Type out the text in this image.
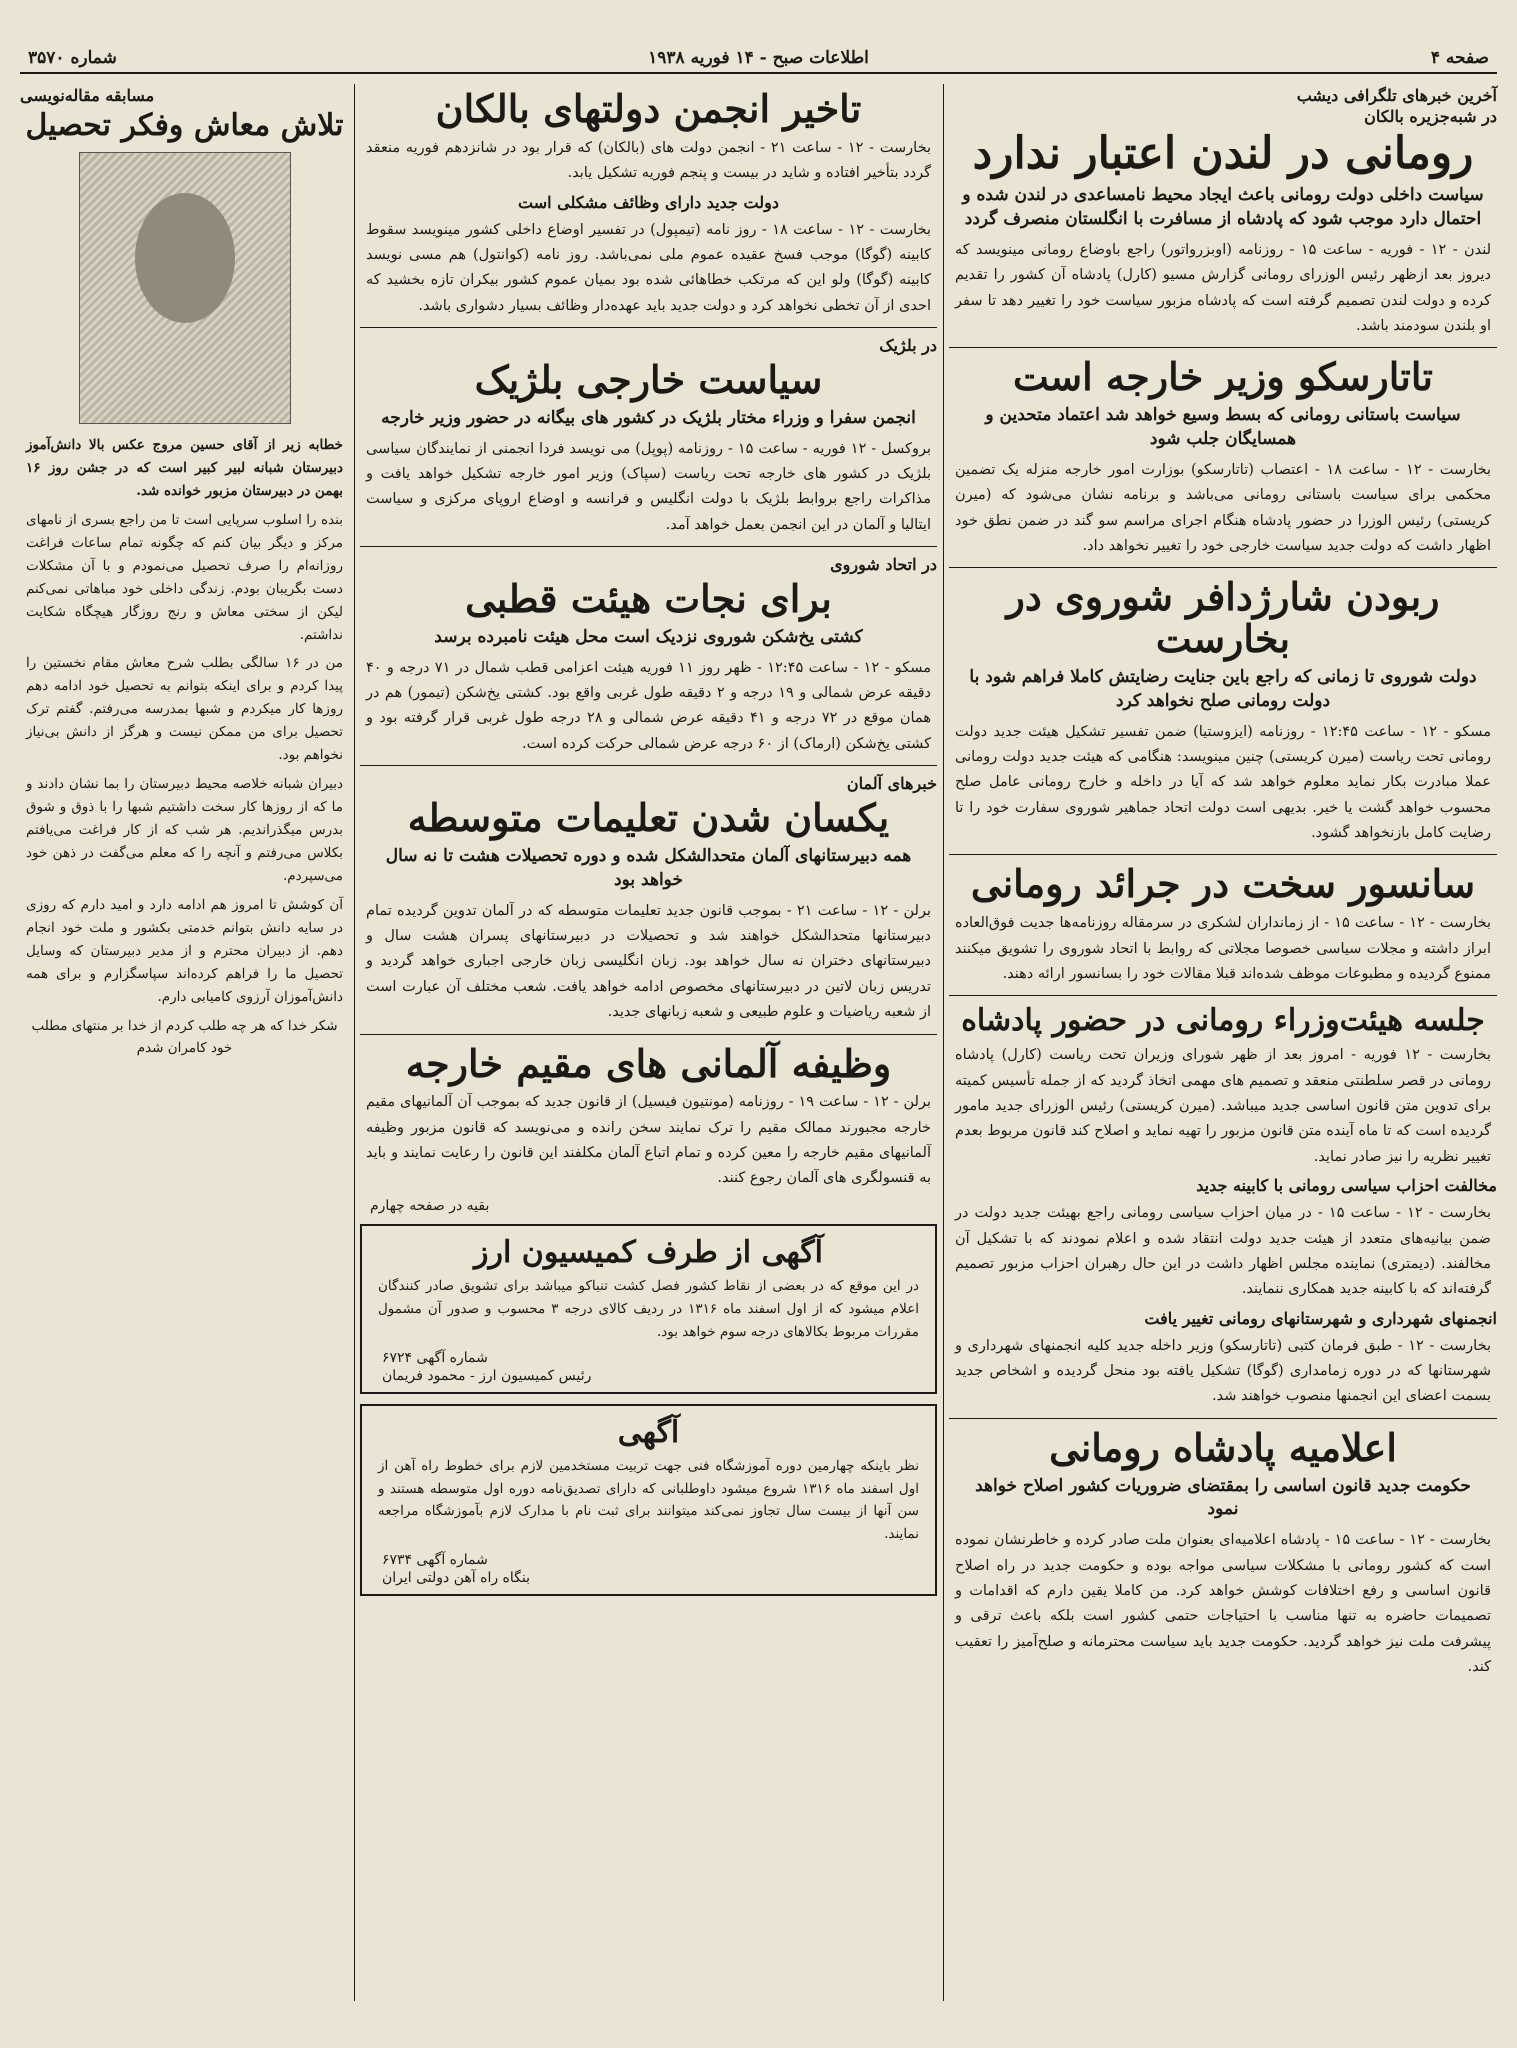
صفحه ۴
اطلاعات صبح - ۱۴ فوریه ۱۹۳۸
شماره ۳۵۷۰
آخرین خبرهای تلگرافی دیشب
در شبه‌جزیره بالکان
رومانی در لندن اعتبار ندارد
سیاست داخلی دولت رومانی باعث ایجاد محیط نامساعدی در لندن شده و احتمال دارد موجب شود که پادشاه از مسافرت با انگلستان منصرف گردد
لندن - ۱۲ - فوریه - ساعت ۱۵ - روزنامه (اوبزرواتور) راجع باوضاع رومانی مینویسد که دیروز بعد ازظهر رئیس الوزرای رومانی گزارش مسیو (کارل) پادشاه آن کشور را تقدیم کرده و دولت لندن تصمیم گرفته است که پادشاه مزبور سیاست خود را تغییر دهد تا سفر او بلندن سودمند باشد.
تاتارسکو وزیر خارجه است
سیاست باستانی رومانی که بسط وسیع خواهد شد اعتماد متحدین و همسایگان جلب شود
بخارست - ۱۲ - ساعت ۱۸ - اعتصاب (تاتارسکو) بوزارت امور خارجه منزله یک تضمین محکمی برای سیاست باستانی رومانی می‌باشد و برنامه نشان می‌شود که (میرن کریستی) رئیس الوزرا در حضور پادشاه هنگام اجرای مراسم سو گند در ضمن نطق خود اظهار داشت که دولت جدید سیاست خارجی خود را تغییر نخواهد داد.
ربودن شارژدافر شوروی در بخارست
دولت شوروی تا زمانی که راجع باین جنایت رضایتش کاملا فراهم شود با دولت رومانی صلح نخواهد کرد
مسکو - ۱۲ - ساعت ۱۲:۴۵ - روزنامه (ایزوستیا) ضمن تفسیر تشکیل هیئت جدید دولت رومانی تحت ریاست (میرن کریستی) چنین مینویسد: هنگامی که هیئت جدید دولت رومانی عملا مبادرت بکار نماید معلوم خواهد شد که آیا در داخله و خارج رومانی عامل صلح محسوب خواهد گشت یا خیر. بدیهی است دولت اتحاد جماهیر شوروی سفارت خود را تا رضایت کامل بازنخواهد گشود.
سانسور سخت در جرائد رومانی
بخارست - ۱۲ - ساعت ۱۵ - از زمانداران لشکری در سرمقاله روزنامه‌ها جدیت فوق‌العاده ابراز داشته و مجلات سیاسی خصوصا مجلاتی که روابط با اتحاد شوروی را تشویق میکنند ممنوع گردیده و مطبوعات موظف شده‌اند قبلا مقالات خود را بسانسور ارائه دهند.
جلسه هیئت‌وزراء رومانی در حضور پادشاه
بخارست - ۱۲ فوریه - امروز بعد از ظهر شورای وزیران تحت ریاست (کارل) پادشاه رومانی در قصر سلطنتی منعقد و تصمیم های مهمی اتخاذ گردید که از جمله تأسیس کمیته برای تدوین متن قانون اساسی جدید میباشد. (میرن کریستی) رئیس الوزرای جدید مامور گردیده است که تا ماه آینده متن قانون مزبور را تهیه نماید و اصلاح کند قانون مربوط بعدم تغییر نظریه را نیز صادر نماید.
مخالفت احزاب سیاسی رومانی با کابینه جدید
بخارست - ۱۲ - ساعت ۱۵ - در میان احزاب سیاسی رومانی راجع بهیئت جدید دولت در ضمن بیانیه‌های متعدد از هیئت جدید دولت انتقاد شده و اعلام نمودند که با تشکیل آن مخالفند. (دیمتری) نماینده مجلس اظهار داشت در این حال رهبران احزاب مزبور تصمیم گرفته‌اند که با کابینه جدید همکاری ننمایند.
انجمنهای شهرداری و شهرستانهای رومانی تغییر یافت
بخارست - ۱۲ - طبق فرمان کتبی (تاتارسکو) وزیر داخله جدید کلیه انجمنهای شهرداری و شهرستانها که در دوره زمامداری (گوگا) تشکیل یافته بود منحل گردیده و اشخاص جدید بسمت اعضای این انجمنها منصوب خواهند شد.
اعلامیه پادشاه رومانی
حکومت جدید قانون اساسی را بمقتضای ضروریات کشور اصلاح خواهد نمود
بخارست - ۱۲ - ساعت ۱۵ - پادشاه اعلامیه‌ای بعنوان ملت صادر کرده و خاطرنشان نموده است که کشور رومانی با مشکلات سیاسی مواجه بوده و حکومت جدید در راه اصلاح قانون اساسی و رفع اختلافات کوشش خواهد کرد. من کاملا یقین دارم که اقدامات و تصمیمات حاضره به تنها مناسب با احتیاجات حتمی کشور است بلکه باعث ترقی و پیشرفت ملت نیز خواهد گردید. حکومت جدید باید سیاست محترمانه و صلح‌آمیز را تعقیب کند.
تاخیر انجمن دولتهای بالکان
بخارست - ۱۲ - ساعت ۲۱ - انجمن دولت های (بالکان) که قرار بود در شانزدهم فوریه منعقد گردد بتأخیر افتاده و شاید در بیست و پنجم فوریه تشکیل یابد.
دولت جدید دارای وظائف مشکلی است
بخارست - ۱۲ - ساعت ۱۸ - روز نامه (تیمپول) در تفسیر اوضاع داخلی کشور مینویسد سقوط کابینه (گوگا) موجب فسخ عقیده عموم ملی نمی‌باشد. روز نامه (کوانتول) هم مسی نویسد کابینه (گوگا) ولو این که مرتکب خطاهائی شده بود بمیان عموم کشور بیکران تازه بخشید که احدی از آن تخطی نخواهد کرد و دولت جدید باید عهده‌دار وظائف بسیار دشواری باشد.
در بلژیک
سیاست خارجی بلژیک
انجمن سفرا و وزراء مختار بلژیک در کشور های بیگانه در حضور وزیر خارجه
بروکسل - ۱۲ فوریه - ساعت ۱۵ - روزنامه (پوپل) می نویسد فردا انجمنی از نمایندگان سیاسی بلژیک در کشور های خارجه تحت ریاست (سپاک) وزیر امور خارجه تشکیل خواهد یافت و مذاکرات راجع بروابط بلژیک با دولت انگلیس و فرانسه و اوضاع اروپای مرکزی و سیاست ایتالیا و آلمان در این انجمن بعمل خواهد آمد.
در اتحاد شوروی
برای نجات هیئت قطبی
کشتی یخ‌شکن شوروی نزدیک است محل هیئت نامبرده برسد
مسکو - ۱۲ - ساعت ۱۲:۴۵ - ظهر روز ۱۱ فوریه هیئت اعزامی قطب شمال در ۷۱ درجه و ۴۰ دقیقه عرض شمالی و ۱۹ درجه و ۲ دقیقه طول غربی واقع بود. کشتی یخ‌شکن (تیمور) هم در همان موقع در ۷۲ درجه و ۴۱ دقیقه عرض شمالی و ۲۸ درجه طول غربی قرار گرفته بود و کشتی یخ‌شکن (ارماک) از ۶۰ درجه عرض شمالی حرکت کرده است.
خبرهای آلمان
یکسان شدن تعلیمات متوسطه
همه دبیرستانهای آلمان متحدالشکل شده و دوره تحصیلات هشت تا نه سال خواهد بود
برلن - ۱۲ - ساعت ۲۱ - بموجب قانون جدید تعلیمات متوسطه که در آلمان تدوین گردیده تمام دبیرستانها متحدالشکل خواهند شد و تحصیلات در دبیرستانهای پسران هشت سال و دبیرستانهای دختران نه سال خواهد بود. زبان انگلیسی زبان خارجی اجباری خواهد گردید و تدریس زبان لاتین در دبیرستانهای مخصوص ادامه خواهد یافت. شعب مختلف آن عبارت است از شعبه ریاضیات و علوم طبیعی و شعبه زبانهای جدید.
وظیفه آلمانی های مقیم خارجه
برلن - ۱۲ - ساعت ۱۹ - روزنامه (مونتیون فیسیل) از قانون جدید که بموجب آن آلمانیهای مقیم خارجه مجبورند ممالک مقیم را ترک نمایند سخن رانده و می‌نویسد که قانون مزبور وظیفه آلمانیهای مقیم خارجه را معین کرده و تمام اتباع آلمان مکلفند این قانون را رعایت نمایند و باید به قنسولگری های آلمان رجوع کنند.
بقیه در صفحه چهارم
آگهی از طرف کمیسیون ارز
در این موقع که در بعضی از نقاط کشور فصل کشت تنباکو میباشد برای تشویق صادر کنندگان اعلام میشود که از اول اسفند ماه ۱۳۱۶ در ردیف کالای درجه ۳ محسوب و صدور آن مشمول مقررات مربوط بکالاهای درجه سوم خواهد بود.
شماره آگهی ۶۷۲۴
رئیس کمیسیون ارز - محمود فریمان
آگهی
نظر باینکه چهارمین دوره آموزشگاه فنی جهت تربیت مستخدمین لازم برای خطوط راه آهن از اول اسفند ماه ۱۳۱۶ شروع میشود داوطلبانی که دارای تصدیق‌نامه دوره اول متوسطه هستند و سن آنها از بیست سال تجاوز نمی‌کند میتوانند برای ثبت نام با مدارک لازم بآموزشگاه مراجعه نمایند.
شماره آگهی ۶۷۳۴
بنگاه راه آهن دولتی ایران
مسابقه مقاله‌نویسی
تلاش معاش وفکر تحصیل
خطابه زیر از آقای حسین مروج عکس بالا دانش‌آموز دبیرستان شبانه لبیر کبیر است که در جشن روز ۱۶ بهمن در دبیرستان مزبور خوانده شد.
بنده را اسلوب سرپایی است تا من راجع بسری از نامهای مرکز و دیگر بیان کنم که چگونه تمام ساعات فراغت روزانه‌ام را صرف تحصیل می‌نمودم و با آن مشکلات دست بگریبان بودم. زندگی داخلی خود مباهاتی نمی‌کنم لیکن از سختی معاش و رنج روزگار هیچگاه شکایت نداشتم.
من در ۱۶ سالگی بطلب شرح معاش مقام نخستین را پیدا کردم و برای اینکه بتوانم به تحصیل خود ادامه دهم روزها کار میکردم و شبها بمدرسه می‌رفتم. گفتم ترک تحصیل برای من ممکن نیست و هرگز از دانش بی‌نیاز نخواهم بود.
دبیران شبانه خلاصه محیط دبیرستان را بما نشان دادند و ما که از روزها کار سخت داشتیم شبها را با ذوق و شوق بدرس میگذراندیم. هر شب که از کار فراغت می‌یافتم بکلاس می‌رفتم و آنچه را که معلم می‌گفت در ذهن خود می‌سپردم.
آن کوشش تا امروز هم ادامه دارد و امید دارم که روزی در سایه دانش بتوانم خدمتی بکشور و ملت خود انجام دهم. از دبیران محترم و از مدیر دبیرستان که وسایل تحصیل ما را فراهم کرده‌اند سپاسگزارم و برای همه دانش‌آموزان آرزوی کامیابی دارم.
شکر خدا که هر چه طلب کردم از خدا بر منتهای مطلب خود کامران شدم
